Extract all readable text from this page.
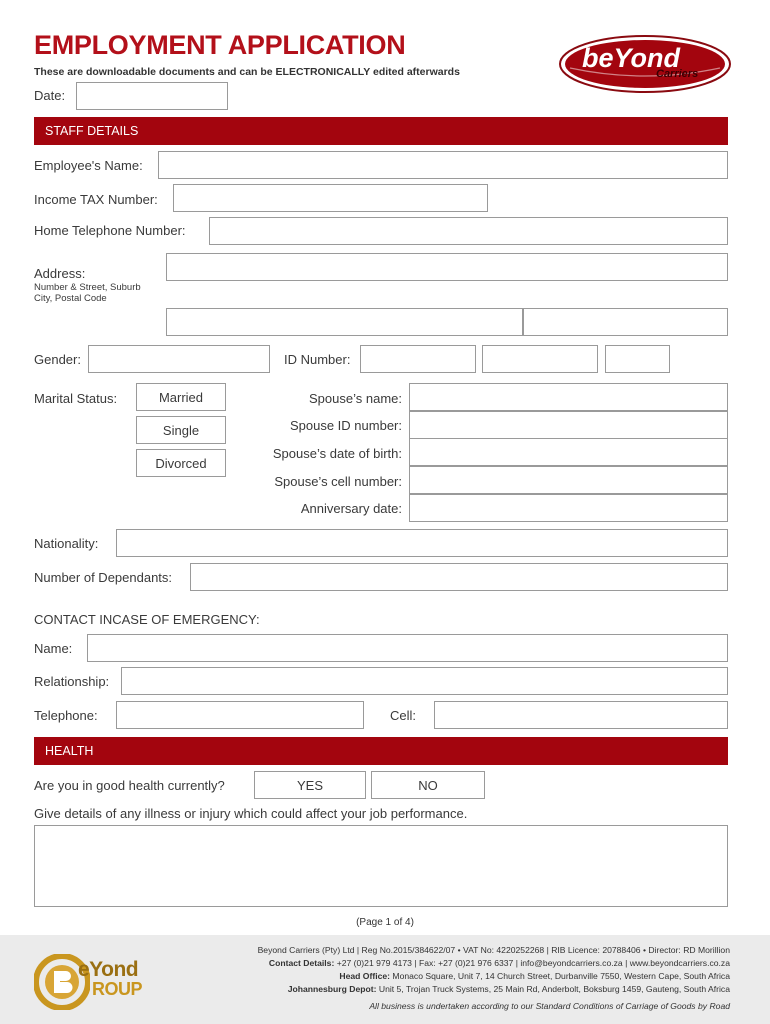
EMPLOYMENT APPLICATION
These are downloadable documents and can be ELECTRONICALLY edited afterwards	beYond
Carriers
Date:
STAFF DETAILS
Employee's Name:
Income TAX Number:
Home Telephone Number:
Address:
Number & Street, Suburb
City, Postal Code
Gender:	ID Number:
Marital Status:	Married
Single
Divorced
Spouse’s name:
Spouse ID number:
Spouse’s date of birth:
Spouse’s cell number:
Anniversary date:
Nationality:
Number of Dependants:
CONTACT INCASE OF EMERGENCY:
Name:
Relationship:
Telephone:	Cell:
HEALTH
Are you in good health currently?	YES	NO
Give details of any illness or injury which could affect your job performance.
(Page 1 of 4)
eYond
ROUP
Beyond Carriers (Pty) Ltd | Reg No.2015/384622/07 • VAT No: 4220252268 | RIB Licence: 20788406 • Director: RD Morillion
Contact Details: +27 (0)21 979 4173 | Fax: +27 (0)21 976 6337 | info@beyondcarriers.co.za | www.beyondcarriers.co.za
Head Office: Monaco Square, Unit 7, 14 Church Street, Durbanville 7550, Western Cape, South Africa
Johannesburg Depot: Unit 5, Trojan Truck Systems, 25 Main Rd, Anderbolt, Boksburg 1459, Gauteng, South Africa
All business is undertaken according to our Standard Conditions of Carriage of Goods by Road
